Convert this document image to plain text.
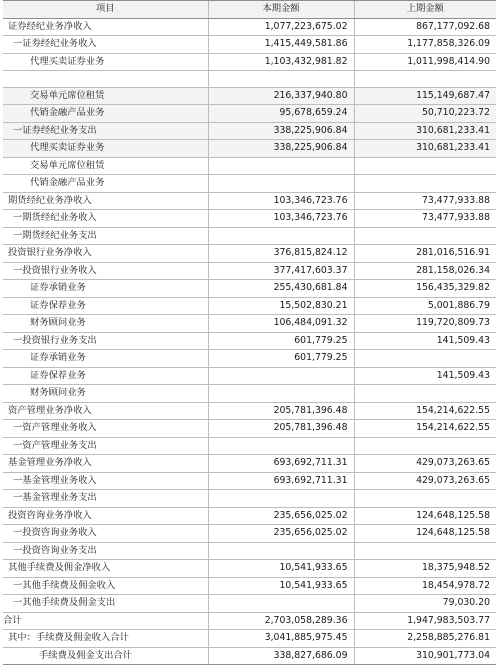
项目	本期金额	上期金额
证券经纪业务净收入	1,077,223,675.02	867,177,092.68
一证券经纪业务收入	1,415,449,581.86	1,177,858,326.09
代理买卖证券业务	1,103,432,981.82	1,011,998,414.90

交易单元席位租赁	216,337,940.80	115,149,687.47
代销金融产品业务	95,678,659.24	50,710,223.72
一证券经纪业务支出	338,225,906.84	310,681,233.41
代理买卖证券业务	338,225,906.84	310,681,233.41
交易单元席位租赁		
代销金融产品业务		
期货经纪业务净收入	103,346,723.76	73,477,933.88
一期货经纪业务收入	103,346,723.76	73,477,933.88
一期货经纪业务支出		
投资银行业务净收入	376,815,824.12	281,016,516.91
一投资银行业务收入	377,417,603.37	281,158,026.34
证券承销业务	255,430,681.84	156,435,329.82
证券保荐业务	15,502,830.21	5,001,886.79
财务顾问业务	106,484,091.32	119,720,809.73
一投资银行业务支出	601,779.25	141,509.43
证券承销业务	601,779.25	
证券保荐业务		141,509.43
财务顾问业务		
资产管理业务净收入	205,781,396.48	154,214,622.55
一资产管理业务收入	205,781,396.48	154,214,622.55
一资产管理业务支出		
基金管理业务净收入	693,692,711.31	429,073,263.65
一基金管理业务收入	693,692,711.31	429,073,263.65
一基金管理业务支出		
投资咨询业务净收入	235,656,025.02	124,648,125.58
一投资咨询业务收入	235,656,025.02	124,648,125.58
一投资咨询业务支出		
其他手续费及佣金净收入	10,541,933.65	18,375,948.52
一其他手续费及佣金收入	10,541,933.65	18,454,978.72
一其他手续费及佣金支出		79,030.20
合计	2,703,058,289.36	1,947,983,503.77
其中：手续费及佣金收入合计	3,041,885,975.45	2,258,885,276.81
手续费及佣金支出合计	338,827,686.09	310,901,773.04
